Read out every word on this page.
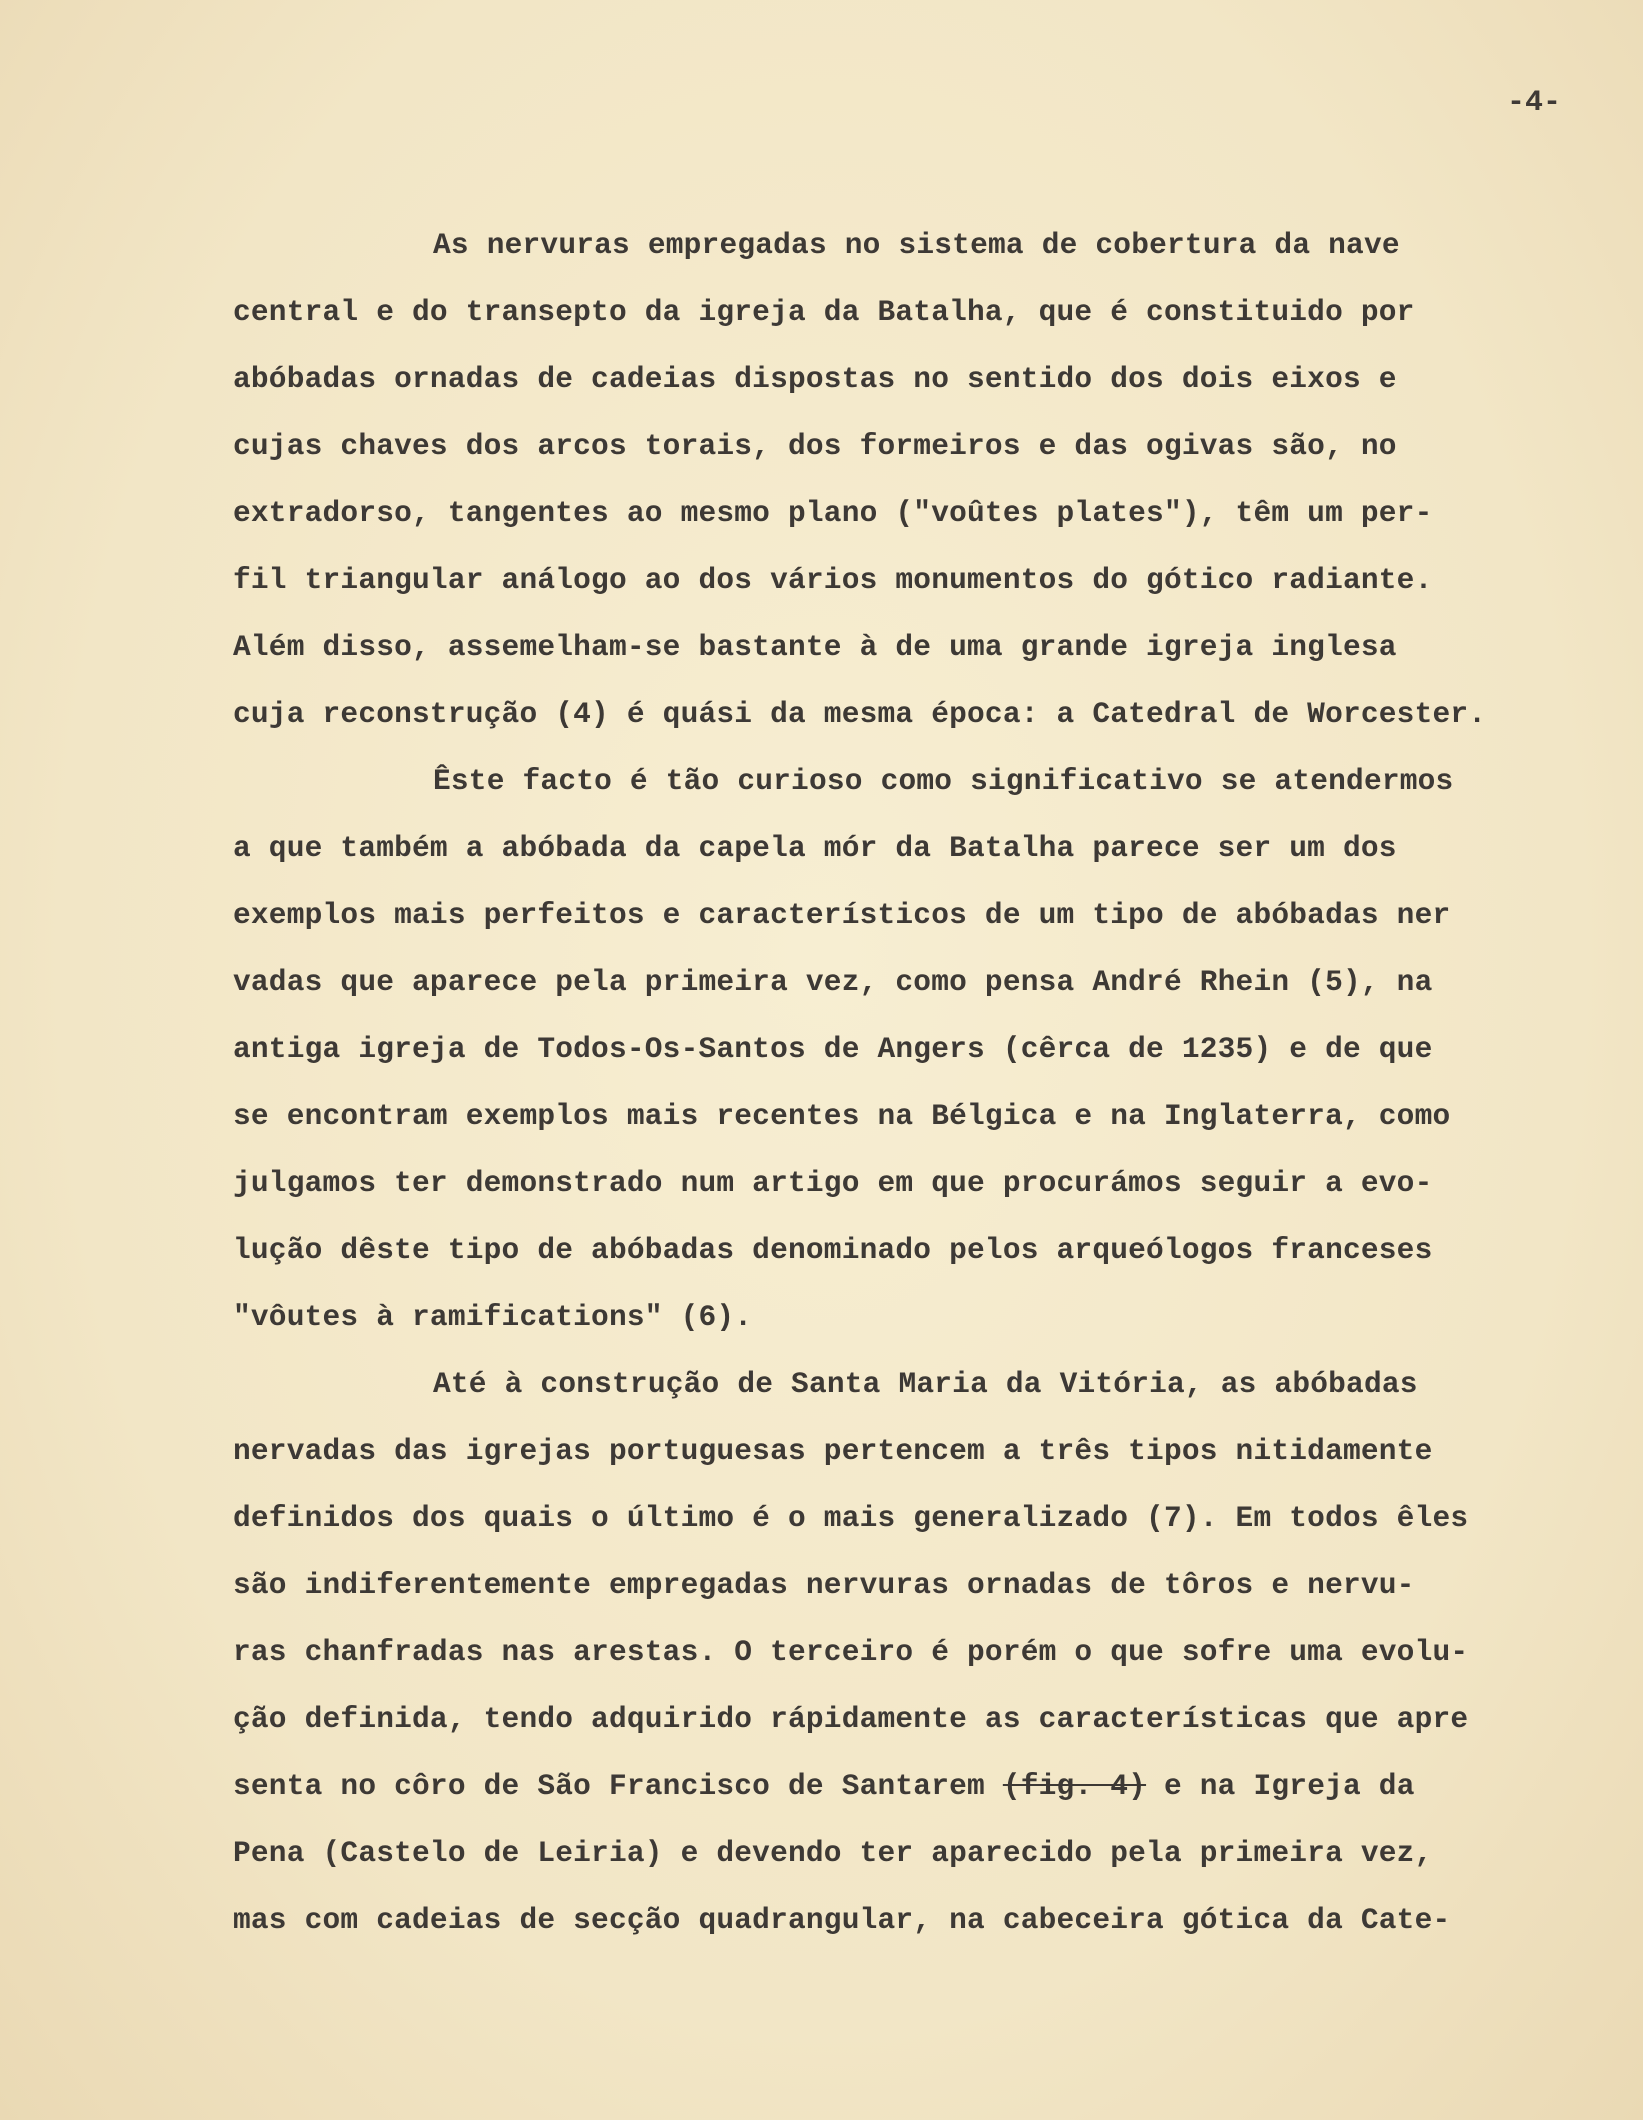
-4-
As nervuras empregadas no sistema de cobertura da nave
central e do transepto da igreja da Batalha, que é constituido por
abóbadas ornadas de cadeias dispostas no sentido dos dois eixos e
cujas chaves dos arcos torais, dos formeiros e das ogivas são, no
extradorso, tangentes ao mesmo plano ("voûtes plates"), têm um per-
fil triangular análogo ao dos vários monumentos do gótico radiante.
Além disso, assemelham-se bastante à de uma grande igreja inglesa
cuja reconstrução (4) é quási da mesma época: a Catedral de Worcester.
Êste facto é tão curioso como significativo se atendermos
a que também a abóbada da capela mór da Batalha parece ser um dos
exemplos mais perfeitos e característicos de um tipo de abóbadas ner
vadas que aparece pela primeira vez, como pensa André Rhein (5), na
antiga igreja de Todos-Os-Santos de Angers (cêrca de 1235) e de que
se encontram exemplos mais recentes na Bélgica e na Inglaterra, como
julgamos ter demonstrado num artigo em que procurámos seguir a evo-
lução dêste tipo de abóbadas denominado pelos arqueólogos franceses
"vôutes à ramifications" (6).
Até à construção de Santa Maria da Vitória, as abóbadas
nervadas das igrejas portuguesas pertencem a três tipos nitidamente
definidos dos quais o último é o mais generalizado (7). Em todos êles
são indiferentemente empregadas nervuras ornadas de tôros e nervu-
ras chanfradas nas arestas. O terceiro é porém o que sofre uma evolu-
ção definida, tendo adquirido rápidamente as características que apre
senta no côro de São Francisco de Santarem (fig. 4) e na Igreja da
Pena (Castelo de Leiria) e devendo ter aparecido pela primeira vez,
mas com cadeias de secção quadrangular, na cabeceira gótica da Cate-
